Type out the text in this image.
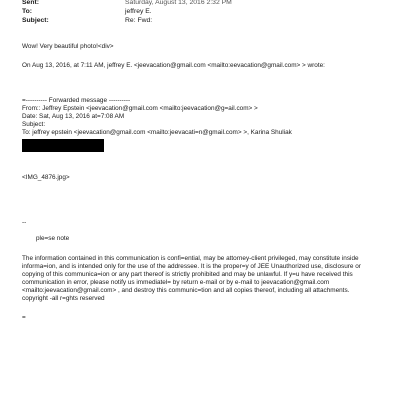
Sent:	Saturday, August 13, 2016 2:32 PM
To:	jeffrey E.
Subject:	Re: Fwd:
Wow! Very beautiful photo!<div>
On Aug 13, 2016, at 7:11 AM, jeffrey E. <jeevacation@gmail.com <mailto:eevacation@gmail.com> > wrote:
=---------- Forwarded message ----------
From:: Jeffrey Epstein <jeevacation@gmail.com <mailto:jeevacation@g=ail.com> >
Date: Sat, Aug 13, 2016 at=7:08 AM
Subject:
To: jeffrey epstein <jeevacation@gmail.com <mailto:jeevacati=n@gmail.com> >, Karina Shuliak
<IMG_4876.jpg>
--
ple=se note
The information contained in this communication is confi=ential, may be attorney-client privileged, may constitute inside informa=ion, and is intended only for the use of the addressee. It is the proper=y of JEE Unauthorized use, disclosure or copying of this communica=ion or any part thereof is strictly prohibited and may be unlawful. If y=u have received this communication in error, please notify us immediatel= by return e-mail or by e-mail to jeevacation@gmail.com <mailto:jeevacation@gmail.com> , and destroy this communic=tion and all copies thereof, including all attachments. copyright -all r=ghts reserved
=
